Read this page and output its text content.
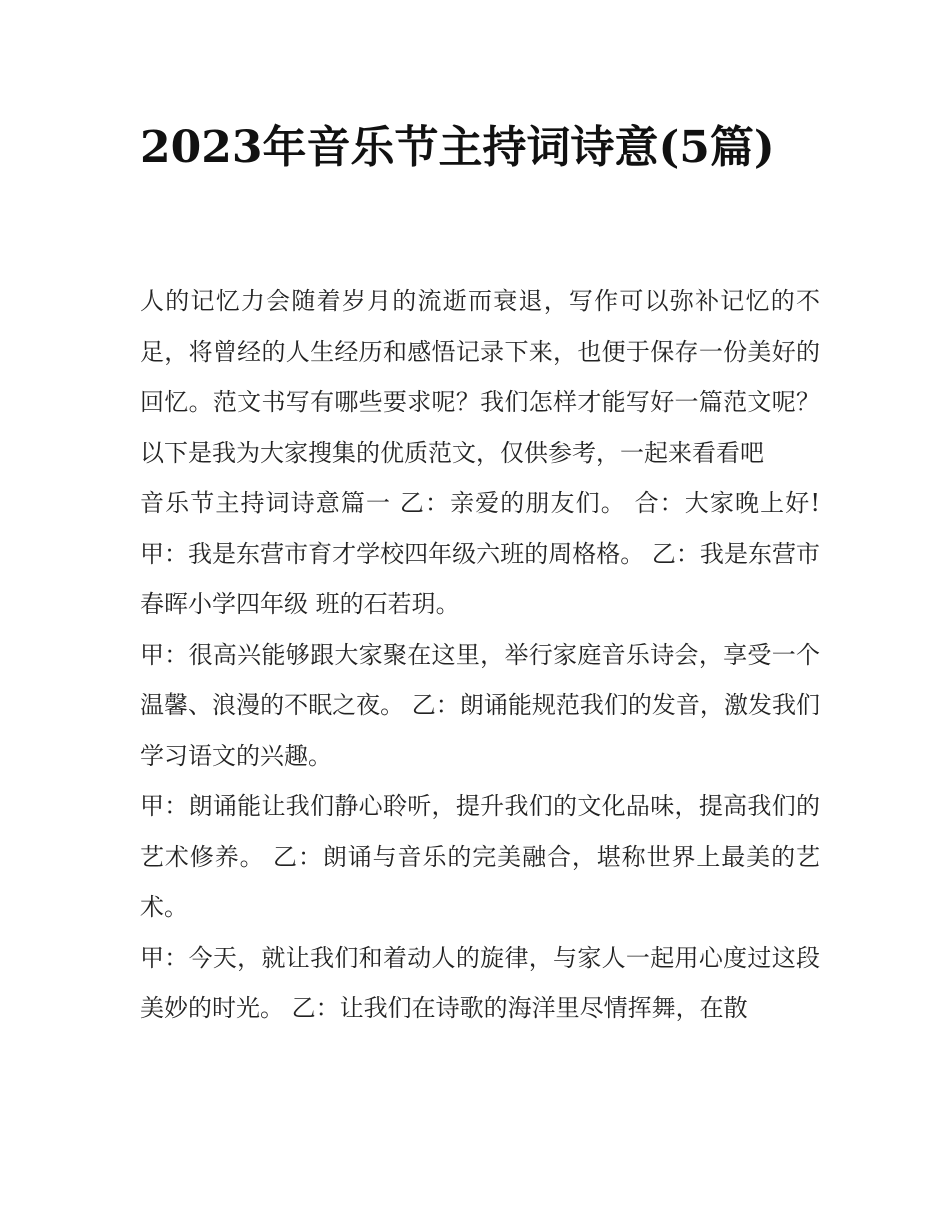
2023年音乐节主持词诗意(5篇)

人的记忆力会随着岁月的流逝而衰退，写作可以弥补记忆的不足，将曾经的人生经历和感悟记录下来，也便于保存一份美好的回忆。范文书写有哪些要求呢？我们怎样才能写好一篇范文呢？以下是我为大家搜集的优质范文，仅供参考，一起来看看吧

音乐节主持词诗意篇一 乙：亲爱的朋友们。 合：大家晚上好! 甲：我是东营市育才学校四年级六班的周格格。 乙：我是东营市春晖小学四年级 班的石若玥。

甲：很高兴能够跟大家聚在这里，举行家庭音乐诗会，享受一个温馨、浪漫的不眠之夜。 乙：朗诵能规范我们的发音，激发我们学习语文的兴趣。

甲：朗诵能让我们静心聆听，提升我们的文化品味，提高我们的艺术修养。 乙：朗诵与音乐的完美融合，堪称世界上最美的艺术。

甲：今天，就让我们和着动人的旋律，与家人一起用心度过这段美妙的时光。 乙：让我们在诗歌的海洋里尽情挥舞，在散
